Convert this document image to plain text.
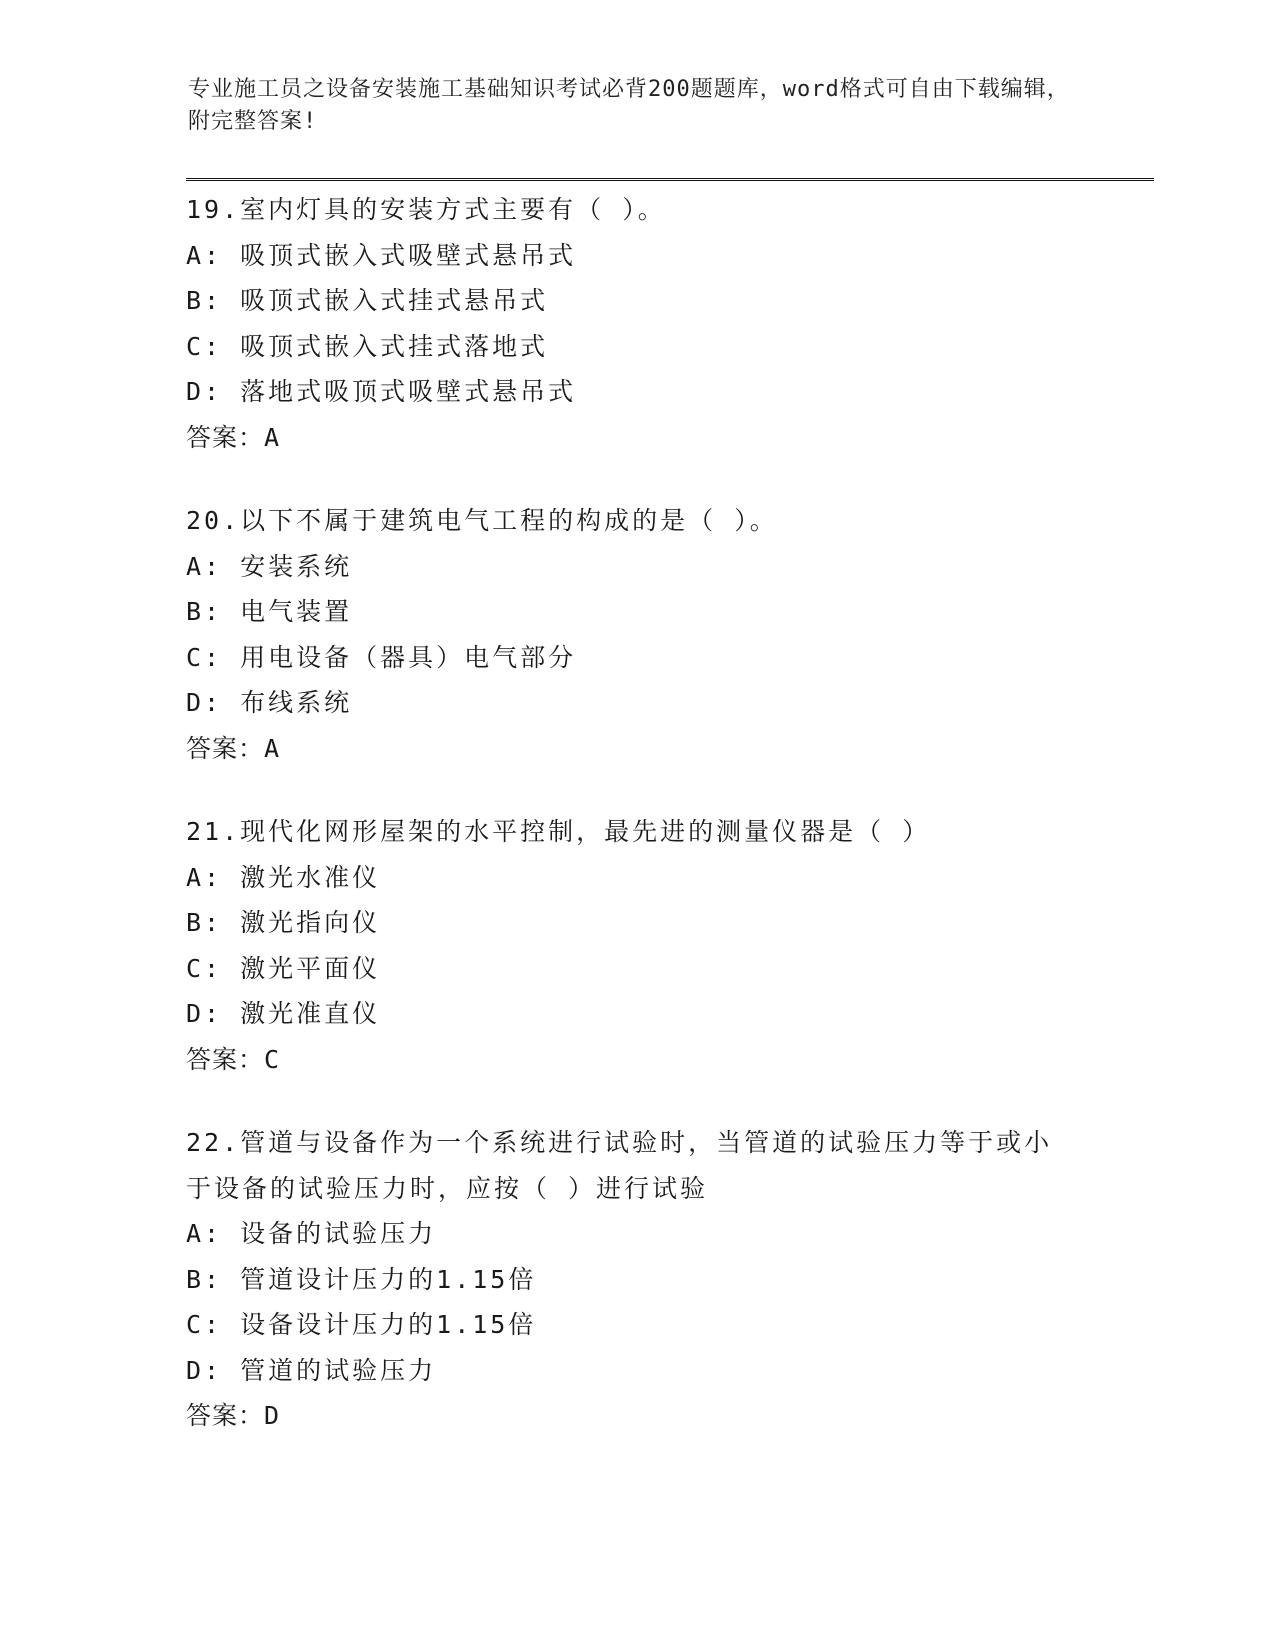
专业施工员之设备安装施工基础知识考试必背200题题库，word格式可自由下载编辑，附完整答案!
19.室内灯具的安装方式主要有（ ）。
A: 吸顶式嵌入式吸壁式悬吊式
B: 吸顶式嵌入式挂式悬吊式
C: 吸顶式嵌入式挂式落地式
D: 落地式吸顶式吸壁式悬吊式
答案：A
20.以下不属于建筑电气工程的构成的是（ ）。
A: 安装系统
B: 电气装置
C: 用电设备（器具）电气部分
D: 布线系统
答案：A
21.现代化网形屋架的水平控制，最先进的测量仪器是（ ）
A: 激光水准仪
B: 激光指向仪
C: 激光平面仪
D: 激光准直仪
答案：C
22.管道与设备作为一个系统进行试验时，当管道的试验压力等于或小于设备的试验压力时，应按（ ）进行试验
A: 设备的试验压力
B: 管道设计压力的1.15倍
C: 设备设计压力的1.15倍
D: 管道的试验压力
答案：D
